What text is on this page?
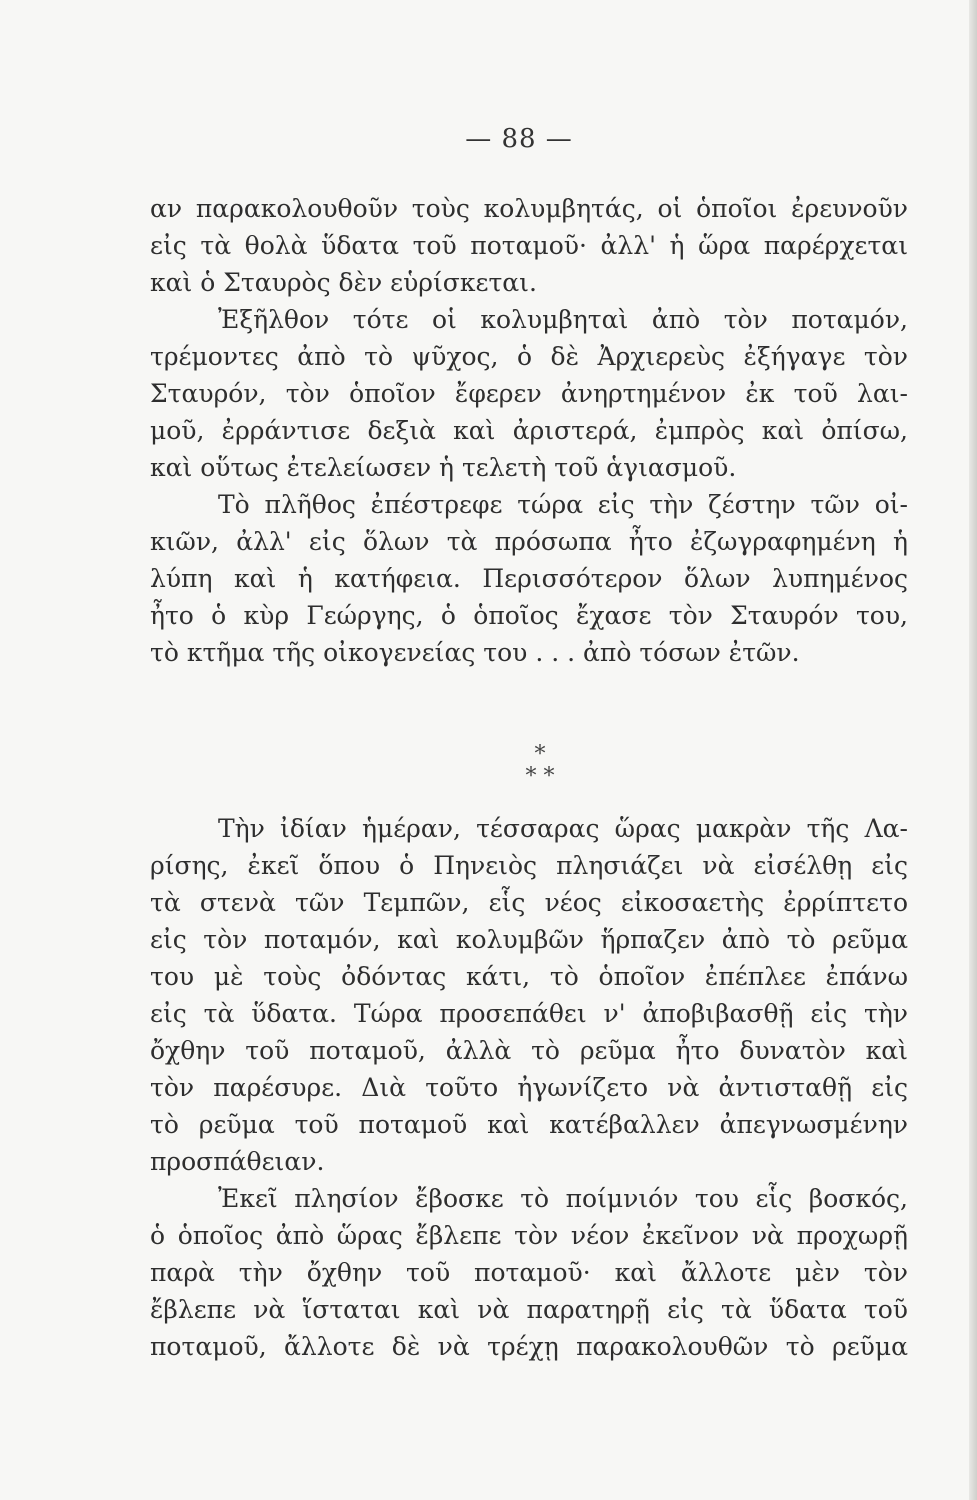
— 88 —
αν παρακολουθοῦν τοὺς κολυμβητάς, οἱ ὁποῖοι ἐρευνοῦν
εἰς τὰ θολὰ ὕδατα τοῦ ποταμοῦ· ἀλλ' ἡ ὥρα παρέρχεται
καὶ ὁ Σταυρὸς δὲν εὑρίσκεται.
Ἐξῆλθον τότε οἱ κολυμβηταὶ ἀπὸ τὸν ποταμόν,
τρέμοντες ἀπὸ τὸ ψῦχος, ὁ δὲ Ἀρχιερεὺς ἐξήγαγε τὸν
Σταυρόν, τὸν ὁποῖον ἔφερεν ἀνηρτημένον ἐκ τοῦ λαι-
μοῦ, ἐρράντισε δεξιὰ καὶ ἀριστερά, ἐμπρὸς καὶ ὀπίσω,
καὶ οὕτως ἐτελείωσεν ἡ τελετὴ τοῦ ἁγιασμοῦ.
Τὸ πλῆθος ἐπέστρεφε τώρα εἰς τὴν ζέστην τῶν οἰ-
κιῶν, ἀλλ' εἰς ὅλων τὰ πρόσωπα ἦτο ἐζωγραφημένη ἡ
λύπη καὶ ἡ κατήφεια. Περισσότερον ὅλων λυπημένος
ἦτο ὁ κὺρ Γεώργης, ὁ ὁποῖος ἔχασε τὸν Σταυρόν του,
τὸ κτῆμα τῆς οἰκογενείας του . . . ἀπὸ τόσων ἐτῶν.
*
* *
Τὴν ἰδίαν ἡμέραν, τέσσαρας ὥρας μακρὰν τῆς Λα-
ρίσης, ἐκεῖ ὅπου ὁ Πηνειὸς πλησιάζει νὰ εἰσέλθῃ εἰς
τὰ στενὰ τῶν Τεμπῶν, εἷς νέος εἰκοσαετὴς ἐρρίπτετο
εἰς τὸν ποταμόν, καὶ κολυμβῶν ἥρπαζεν ἀπὸ τὸ ρεῦμα
του μὲ τοὺς ὀδόντας κάτι, τὸ ὁποῖον ἐπέπλεε ἐπάνω
εἰς τὰ ὕδατα. Τώρα προσεπάθει ν' ἀποβιβασθῇ εἰς τὴν
ὄχθην τοῦ ποταμοῦ, ἀλλὰ τὸ ρεῦμα ἦτο δυνατὸν καὶ
τὸν παρέσυρε. Διὰ τοῦτο ἠγωνίζετο νὰ ἀντισταθῇ εἰς
τὸ ρεῦμα τοῦ ποταμοῦ καὶ κατέβαλλεν ἀπεγνωσμένην
προσπάθειαν.
Ἐκεῖ πλησίον ἔβοσκε τὸ ποίμνιόν του εἷς βοσκός,
ὁ ὁποῖος ἀπὸ ὥρας ἔβλεπε τὸν νέον ἐκεῖνον νὰ προχωρῇ
παρὰ τὴν ὄχθην τοῦ ποταμοῦ· καὶ ἄλλοτε μὲν τὸν
ἔβλεπε νὰ ἵσταται καὶ νὰ παρατηρῇ εἰς τὰ ὕδατα τοῦ
ποταμοῦ, ἄλλοτε δὲ νὰ τρέχῃ παρακολουθῶν τὸ ρεῦμα
